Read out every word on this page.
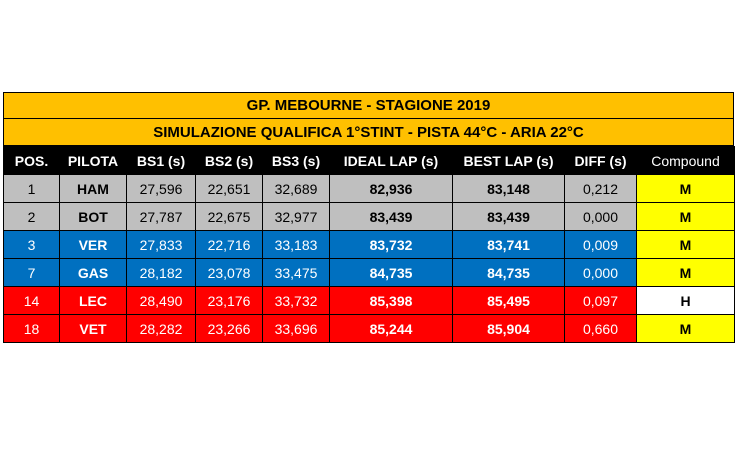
GP. MEBOURNE - STAGIONE 2019
SIMULAZIONE QUALIFICA 1°STINT - PISTA 44°C - ARIA 22°C
POS.	PILOTA	BS1 (s)	BS2 (s)	BS3 (s)	IDEAL LAP (s)	BEST LAP (s)	DIFF (s)	Compound
1	HAM	27,596	22,651	32,689	82,936	83,148	0,212	M
2	BOT	27,787	22,675	32,977	83,439	83,439	0,000	M
3	VER	27,833	22,716	33,183	83,732	83,741	0,009	M
7	GAS	28,182	23,078	33,475	84,735	84,735	0,000	M
14	LEC	28,490	23,176	33,732	85,398	85,495	0,097	H
18	VET	28,282	23,266	33,696	85,244	85,904	0,660	M
